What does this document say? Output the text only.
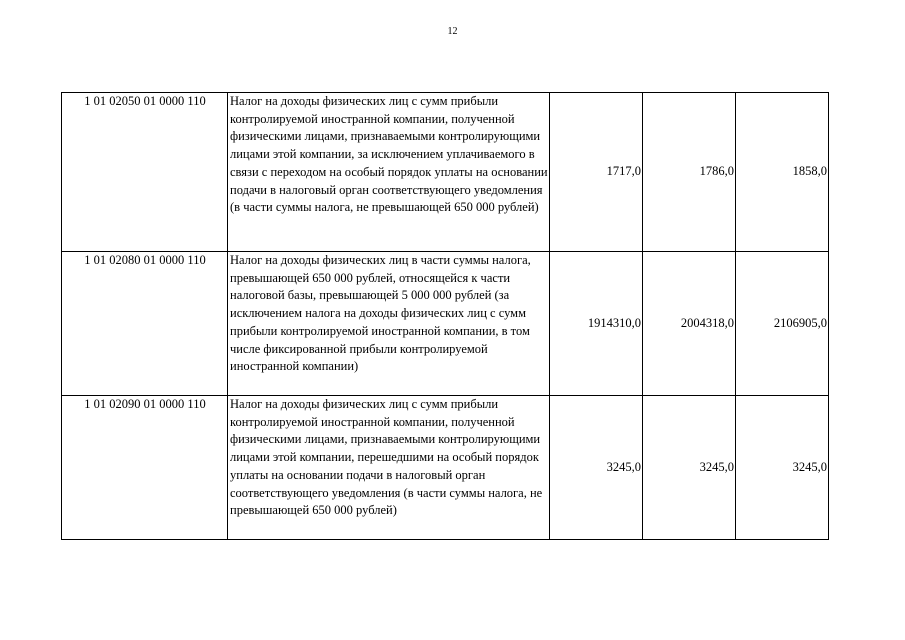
12
1 01 02050 01 0000 110	Налог на доходы физических лиц с сумм прибыли контролируемой иностранной компании, полученной физическими лицами, признаваемыми контролирующими лицами этой компании, за исключением уплачиваемого в связи с переходом на особый порядок уплаты на основании подачи в налоговый орган соответствующего уведомления (в части суммы налога, не превышающей 650 000 рублей)	1717,0	1786,0	1858,0
1 01 02080 01 0000 110	Налог на доходы физических лиц в части суммы налога, превышающей 650 000 рублей, относящейся к части налоговой базы, превышающей 5 000 000 рублей (за исключением налога на доходы физических лиц с сумм прибыли контролируемой иностранной компании, в том числе фиксированной прибыли контролируемой иностранной компании)	1914310,0	2004318,0	2106905,0
1 01 02090 01 0000 110	Налог на доходы физических лиц с сумм прибыли контролируемой иностранной компании, полученной физическими лицами, признаваемыми контролирующими лицами этой компании, перешедшими на особый порядок уплаты на основании подачи в налоговый орган соответствующего уведомления (в части суммы налога, не превышающей 650 000 рублей)	3245,0	3245,0	3245,0
